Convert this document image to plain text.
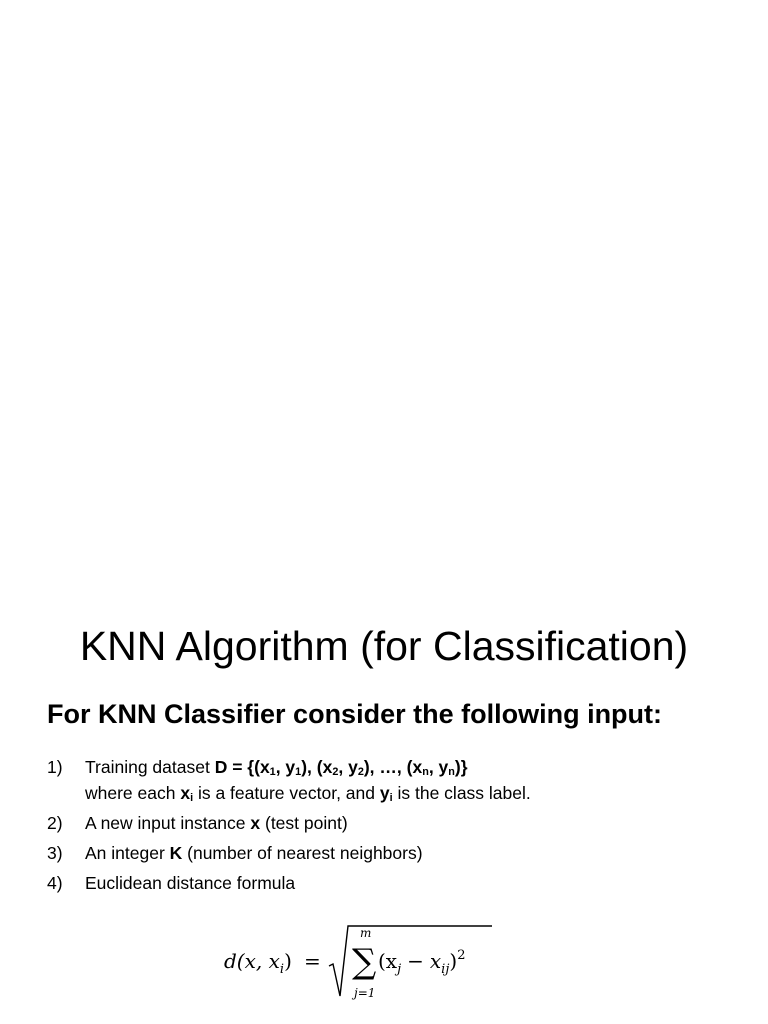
KNN Algorithm (for Classification)
For KNN Classifier consider the following input:
1) Training dataset $D = \{(x_1$, $y_1$), ($x_2$, $y_2$), …, ($x_n$, $y_n$)}
where each $x_i$ is a feature vector, and $y_i$ is the class label.
2) A new input instance x (test point)
3) An integer K (number of nearest neighbors)
4) Euclidean distance formula
d(x, $x_i$) =
m
∑
j=1
$(x_j - x_{ij})^2$
